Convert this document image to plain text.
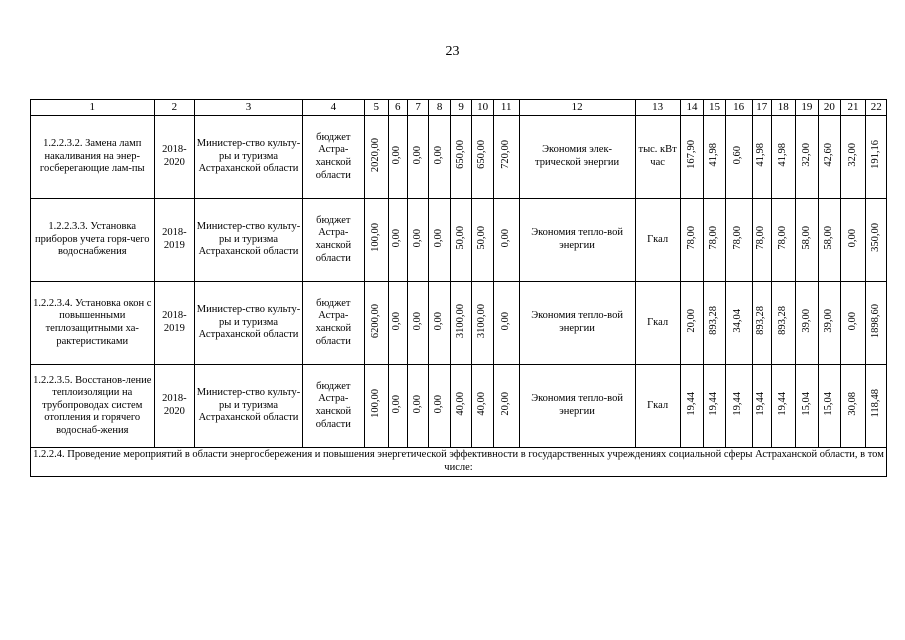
23
1	2	3	4	5	6	7	8	9	10	11	12	13	14	15	16	17	18	19	20	21	22
1.2.2.3.2. Замена ламп накаливания на энер-госберегающие лам-пы	2018-2020	Министер-ство культу-ры и туризма Астраханской области	бюджет Астра-ханской области	2020,00	0,00	0,00	0,00	650,00	650,00	720,00	Экономия элек-трической энергии	тыс. кВт час	167,90	41,98	0,60	41,98	41,98	32,00	42,60	32,00	191,16
1.2.2.3.3. Установка приборов учета горя-чего водоснабжения	2018-2019	Министер-ство культу-ры и туризма Астраханской области	бюджет Астра-ханской области	100,00	0,00	0,00	0,00	50,00	50,00	0,00	Экономия тепло-вой энергии	Гкал	78,00	78,00	78,00	78,00	78,00	58,00	58,00	0,00	350,00
1.2.2.3.4. Установка окон с повышенными теплозащитными ха-рактеристиками	2018-2019	Министер-ство культу-ры и туризма Астраханской области	бюджет Астра-ханской области	6200,00	0,00	0,00	0,00	3100,00	3100,00	0,00	Экономия тепло-вой энергии	Гкал	20,00	893,28	34,04	893,28	893,28	39,00	39,00	0,00	1898,60
1.2.2.3.5. Восстанов-ление теплоизоляции на трубопроводах систем отопления и горячего водоснаб-жения	2018-2020	Министер-ство культу-ры и туризма Астраханской области	бюджет Астра-ханской области	100,00	0,00	0,00	0,00	40,00	40,00	20,00	Экономия тепло-вой энергии	Гкал	19,44	19,44	19,44	19,44	19,44	15,04	15,04	30,08	118,48
1.2.2.4. Проведение мероприятий в области энергосбережения и повышения энергетической эффективности в государственных учреждениях социальной сферы Астраханской области, в том числе:																					
